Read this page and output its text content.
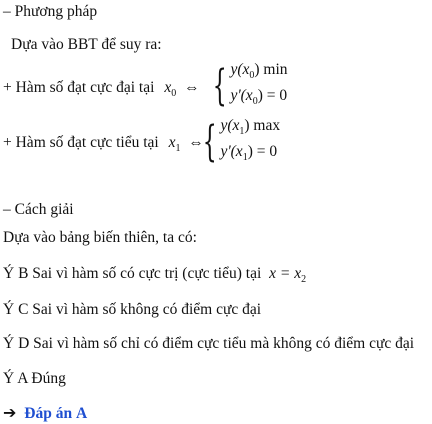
– Phương pháp
Dựa vào BBT để suy ra:
+ Hàm số đạt cực đại tại $x_0$ ⇔ { $y(x_0)$ min
$y'(x_0) = 0$
+ Hàm số đạt cực tiểu tại $x_1$ ⇔
{ $y(x_1)$ max
$y'(x_1) = 0$
– Cách giải
Dựa vào bảng biến thiên, ta có:
Ý B Sai vì hàm số có cực trị (cực tiểu) tại $x = x_2$
Ý C Sai vì hàm số không có điểm cực đại
Ý D Sai vì hàm số chỉ có điểm cực tiểu mà không có điểm cực đại
Ý A Đúng
➔ Đáp án A
